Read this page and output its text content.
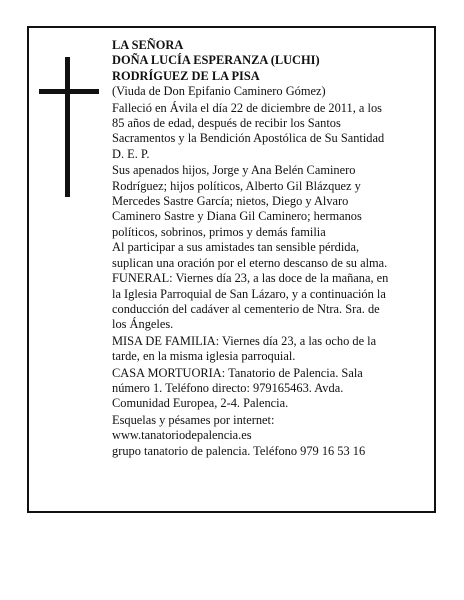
LA SEÑORA
DOÑA LUCÍA ESPERANZA (LUCHI)
RODRÍGUEZ DE LA PISA
(Viuda de Don Epifanio Caminero Gómez)
Falleció en Ávila el día 22 de diciembre de 2011, a los
85 años de edad, después de recibir los Santos
Sacramentos y la Bendición Apostólica de Su Santidad
D. E. P.
Sus apenados hijos, Jorge y Ana Belén Caminero
Rodríguez; hijos políticos, Alberto Gil Blázquez y
Mercedes Sastre García; nietos, Diego y Alvaro
Caminero Sastre y Diana Gil Caminero; hermanos
políticos, sobrinos, primos y demás familia
Al participar a sus amistades tan sensible pérdida,
suplican una oración por el eterno descanso de su alma.
FUNERAL: Viernes día 23, a las doce de la mañana, en
la Iglesia Parroquial de San Lázaro, y a continuación la
conducción del cadáver al cementerio de Ntra. Sra. de
los Ángeles.
MISA DE FAMILIA: Viernes día 23, a las ocho de la
tarde, en la misma iglesia parroquial.
CASA MORTUORIA: Tanatorio de Palencia. Sala
número 1. Teléfono directo: 979165463. Avda.
Comunidad Europea, 2-4. Palencia.
Esquelas y pésames por internet:
www.tanatoriodepalencia.es
grupo tanatorio de palencia. Teléfono 979 16 53 16
